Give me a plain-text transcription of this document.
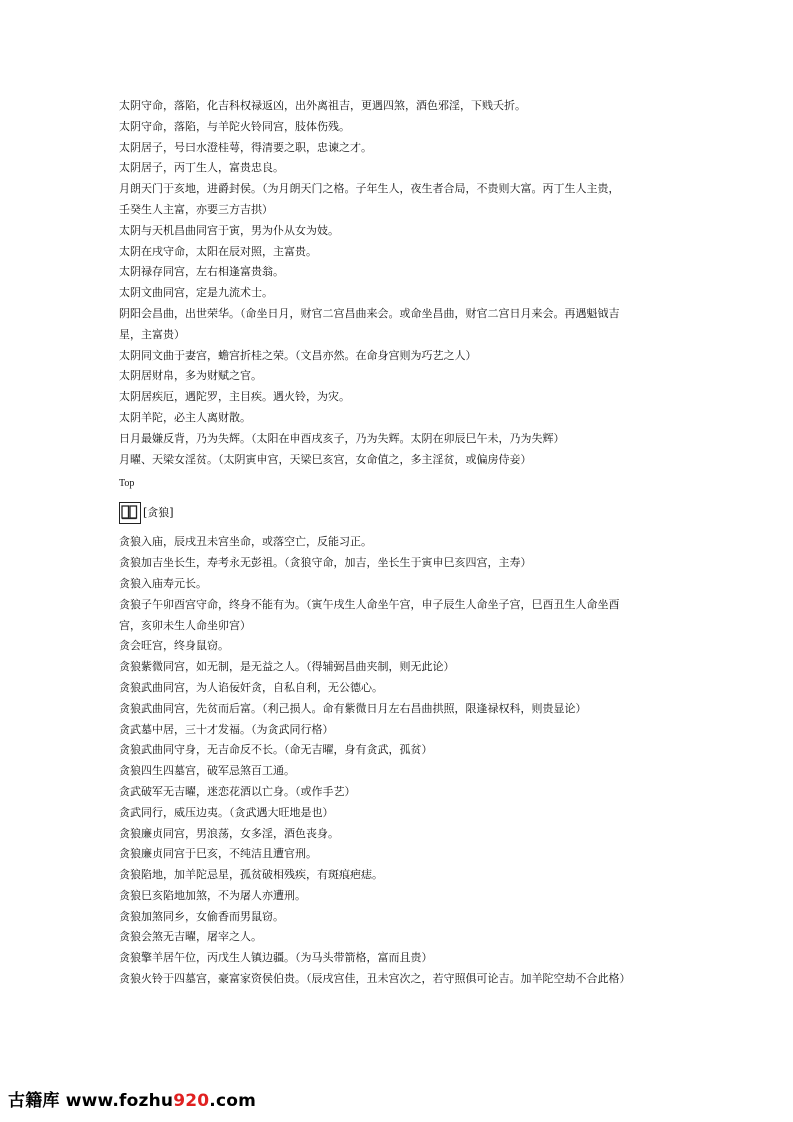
太阴守命，落陷，化吉科权禄返凶，出外离祖吉，更遇四煞，酒色邪淫，下贱夭折。
太阴守命，落陷，与羊陀火铃同宫，肢体伤残。
太阴居子，号曰水澄桂萼，得清要之职，忠谏之才。
太阴居子，丙丁生人，富贵忠良。
月朗天门于亥地，进爵封侯。（为月朗天门之格。子年生人，夜生者合局，不贵则大富。丙丁生人主贵，
壬癸生人主富，亦要三方吉拱）
太阴与天机昌曲同宫于寅，男为仆从女为妓。
太阴在戌守命，太阳在辰对照，主富贵。
太阴禄存同宫，左右相逢富贵翁。
太阴文曲同宫，定是九流术士。
阴阳会昌曲，出世荣华。（命坐日月，财官二宫昌曲来会。或命坐昌曲，财官二宫日月来会。再遇魁钺吉
星，主富贵）
太阴同文曲于妻宫，蟾宫折桂之荣。（文昌亦然。在命身宫则为巧艺之人）
太阴居财帛，多为财赋之官。
太阴居疾厄，遇陀罗，主目疾。遇火铃，为灾。
太阴羊陀，必主人离财散。
日月最嫌反背，乃为失辉。（太阳在申酉戌亥子，乃为失辉。太阴在卯辰巳午未，乃为失辉）
月曜、天梁女淫贫。（太阴寅申宫，天梁巳亥宫，女命值之，多主淫贫，或偏房侍妾）
Top
[贪狼]
贪狼入庙，辰戌丑未宫坐命，或落空亡，反能习正。
贪狼加吉坐长生，寿考永无彭祖。（贪狼守命，加吉，坐长生于寅申巳亥四宫，主寿）
贪狼入庙寿元长。
贪狼子午卯酉宫守命，终身不能有为。（寅午戌生人命坐午宫，申子辰生人命坐子宫，巳酉丑生人命坐酉
宫，亥卯未生人命坐卯宫）
贪会旺宫，终身鼠窃。
贪狼紫微同宫，如无制，是无益之人。（得辅弼昌曲夹制，则无此论）
贪狼武曲同宫，为人谄佞奸贪，自私自利，无公德心。
贪狼武曲同宫，先贫而后富。（利己损人。命有紫微日月左右昌曲拱照，限逢禄权科，则贵显论）
贪武墓中居，三十才发福。（为贪武同行格）
贪狼武曲同守身，无吉命反不长。（命无吉曜，身有贪武，孤贫）
贪狼四生四墓宫，破军忌煞百工通。
贪武破军无吉曜，迷恋花酒以亡身。（或作手艺）
贪武同行，威压边夷。（贪武遇大旺地是也）
贪狼廉贞同宫，男浪荡，女多淫，酒色丧身。
贪狼廉贞同宫于巳亥，不纯洁且遭官刑。
贪狼陷地，加羊陀忌星，孤贫破相残疾，有斑痕疤痣。
贪狼巳亥陷地加煞，不为屠人亦遭刑。
贪狼加煞同乡，女偷香而男鼠窃。
贪狼会煞无吉曜，屠宰之人。
贪狼擎羊居午位，丙戊生人镇边疆。（为马头带箭格，富而且贵）
贪狼火铃于四墓宫，豪富家资侯伯贵。（辰戌宫佳，丑未宫次之，若守照俱可论吉。加羊陀空劫不合此格）
古籍库 www.fozhu920.com
